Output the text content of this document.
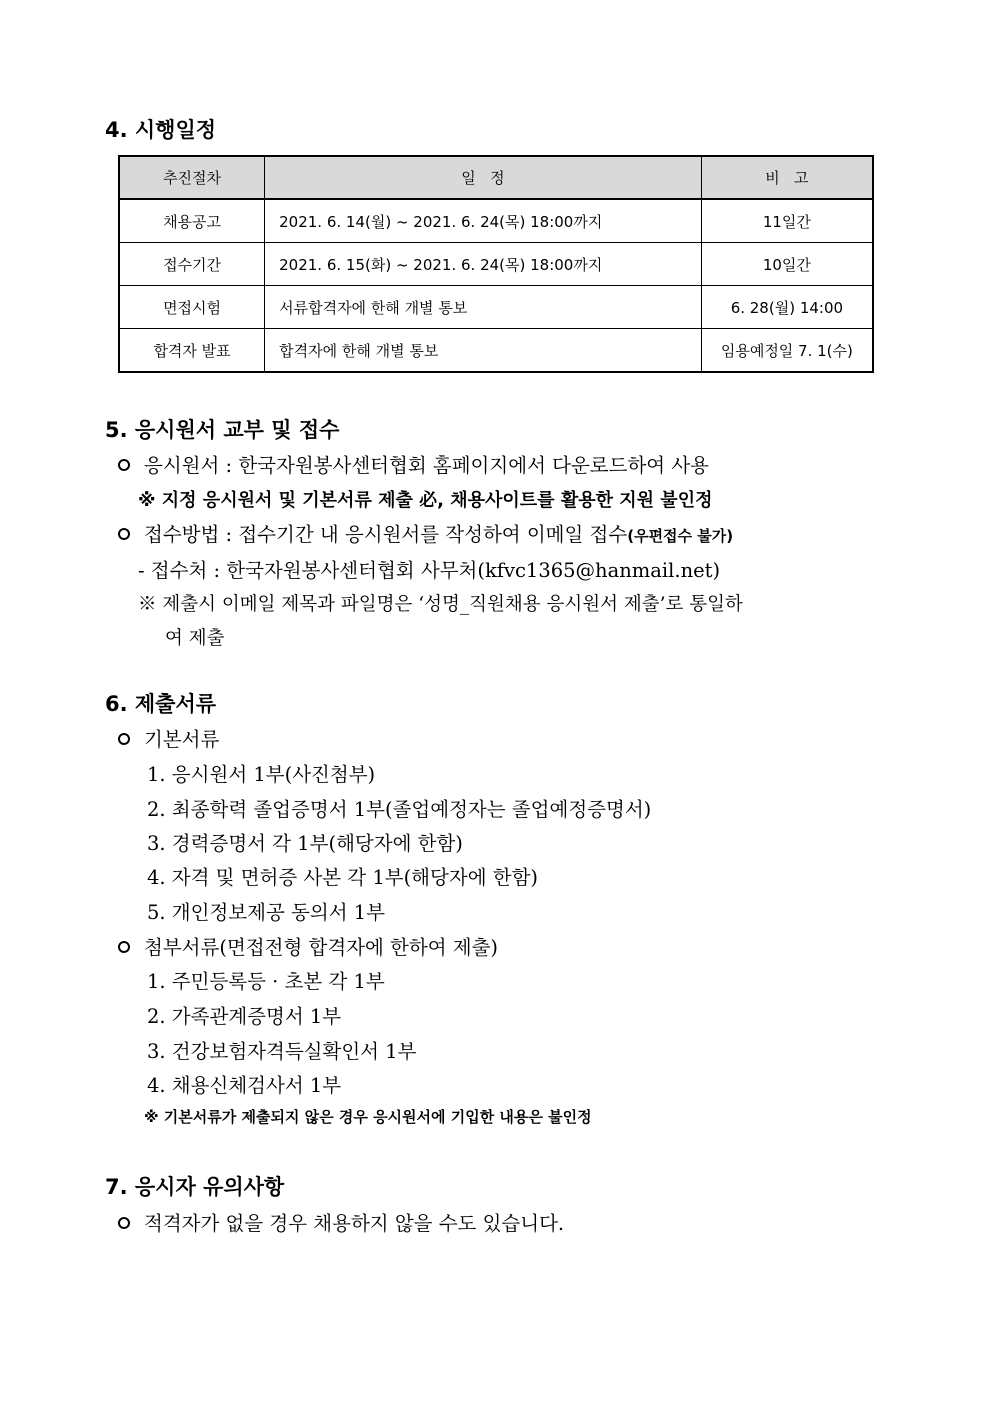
4. 시행일정
추진절차	일   정	비   고
채용공고	2021. 6. 14(월) ~ 2021. 6. 24(목) 18:00까지	11일간
접수기간	2021. 6. 15(화) ~ 2021. 6. 24(목) 18:00까지	10일간
면접시험	서류합격자에 한해 개별 통보	6. 28(월) 14:00
합격자 발표	합격자에 한해 개별 통보	임용예정일 7. 1(수)
5. 응시원서 교부 및 접수
응시원서 : 한국자원봉사센터협회 홈페이지에서 다운로드하여 사용
※ 지정 응시원서 및 기본서류 제출 必, 채용사이트를 활용한 지원 불인정
접수방법 : 접수기간 내 응시원서를 작성하여 이메일 접수(우편접수 불가)
- 접수처 : 한국자원봉사센터협회 사무처(kfvc1365@hanmail.net)
※ 제출시 이메일 제목과 파일명은 ‘성명_직원채용 응시원서 제출’로 통일하
여 제출
6. 제출서류
기본서류
1. 응시원서 1부(사진첨부)
2. 최종학력 졸업증명서 1부(졸업예정자는 졸업예정증명서)
3. 경력증명서 각 1부(해당자에 한함)
4. 자격 및 면허증 사본 각 1부(해당자에 한함)
5. 개인정보제공 동의서 1부
첨부서류(면접전형 합격자에 한하여 제출)
1. 주민등록등 · 초본 각 1부
2. 가족관계증명서 1부
3. 건강보험자격득실확인서 1부
4. 채용신체검사서 1부
※ 기본서류가 제출되지 않은 경우 응시원서에 기입한 내용은 불인정
7. 응시자 유의사항
적격자가 없을 경우 채용하지 않을 수도 있습니다.
